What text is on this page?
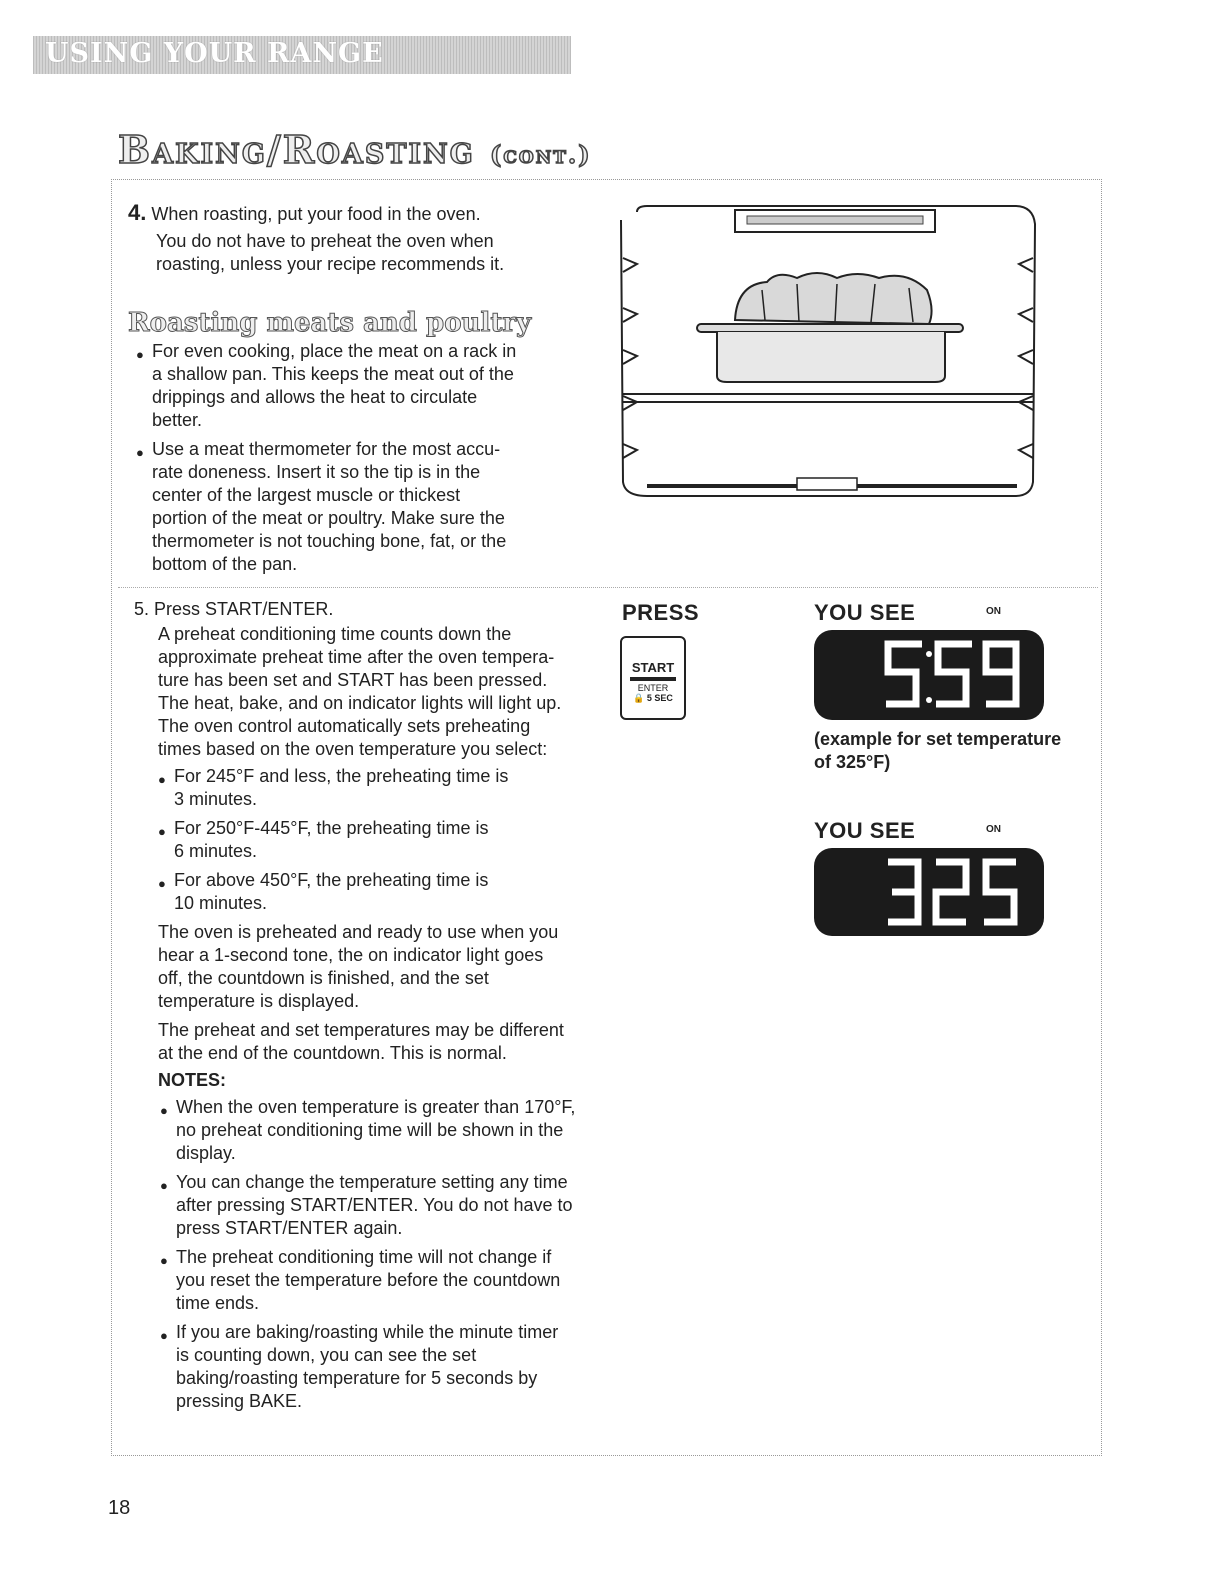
USING YOUR RANGE
Baking/Roasting (cont.)
4. When roasting, put your food in the oven.
You do not have to preheat the oven when
roasting, unless your recipe recommends it.
Roasting meats and poultry
● For even cooking, place the meat on a rack in
a shallow pan. This keeps the meat out of the
drippings and allows the heat to circulate
better.
● Use a meat thermometer for the most accu-
rate doneness. Insert it so the tip is in the
center of the largest muscle or thickest
portion of the meat or poultry. Make sure the
thermometer is not touching bone, fat, or the
bottom of the pan.
5. Press START/ENTER.
A preheat conditioning time counts down the
approximate preheat time after the oven tempera-
ture has been set and START has been pressed.
The heat, bake, and on indicator lights will light up.
The oven control automatically sets preheating
times based on the oven temperature you select:
● For 245°F and less, the preheating time is
3 minutes.
● For 250°F-445°F, the preheating time is
6 minutes.
● For above 450°F, the preheating time is
10 minutes.
The oven is preheated and ready to use when you
hear a 1-second tone, the on indicator light goes
off, the countdown is finished, and the set
temperature is displayed.
The preheat and set temperatures may be different
at the end of the countdown. This is normal.
NOTES:
● When the oven temperature is greater than 170°F,
no preheat conditioning time will be shown in the
display.
● You can change the temperature setting any time
after pressing START/ENTER. You do not have to
press START/ENTER again.
● The preheat conditioning time will not change if
you reset the temperature before the countdown
time ends.
● If you are baking/roasting while the minute timer
is counting down, you can see the set
baking/roasting temperature for 5 seconds by
pressing BAKE.
PRESS
START
ENTER
🔒 5 SEC
YOU SEE	ON
(example for set temperature
of 325°F)
YOU SEE	ON
18
